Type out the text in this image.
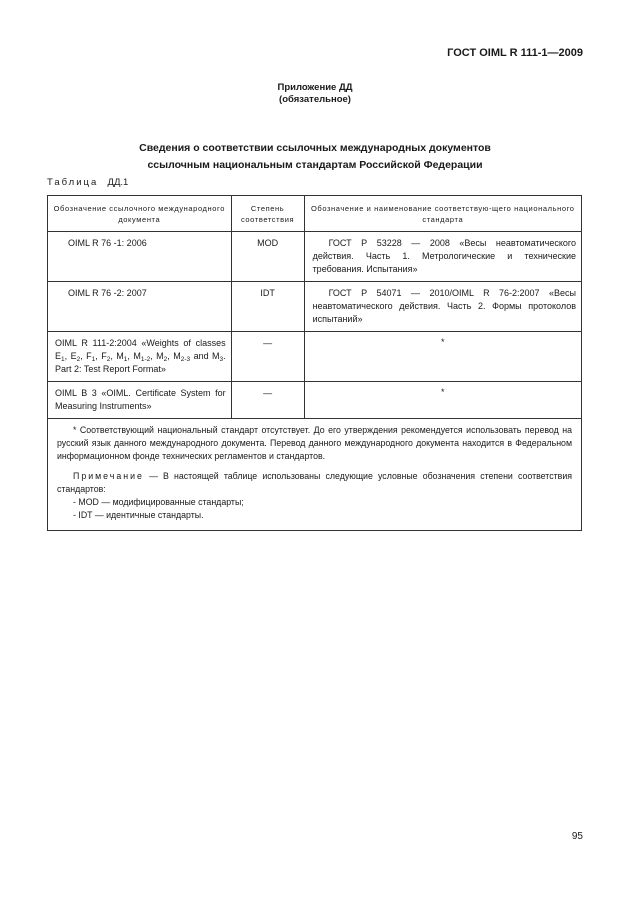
ГОСТ OIML R 111-1—2009
Приложение ДД
(обязательное)
Сведения о соответствии ссылочных международных документов
ссылочным национальным стандартам Российской Федерации
Таблица ДД.1
Обозначение ссылочного международного документа	Степень соответствия	Обозначение и наименование соответствую-щего национального стандарта
OIML R 76 -1: 2006	MOD	ГОСТ Р 53228 — 2008 «Весы неавтоматического действия. Часть 1. Метрологические и технические требования. Испытания»

OIML R 76 -2: 2007	IDT	ГОСТ Р 54071 — 2010/OIML R 76-2:2007 «Весы неавтоматического действия. Часть 2. Формы протоколов испытаний»

OIML R 111-2:2004 «Weights of classes $E_1$, $E_2$, $F_1$, $F_2$, $M_1$, $M_{1-2}$, $M_2$, $M_{2-3}$ and $M_3$. Part 2: Test Report Format»	—	*
OIML B 3 «OIML. Certificate System for Measuring Instruments»	—	*

* Соответствующий национальный стандарт отсутствует. До его утверждения рекомендуется использовать перевод на русский язык данного международного документа. Перевод данного международного документа находится в Федеральном информационном фонде технических регламентов и стандартов.

Примечание — В настоящей таблице использованы следующие условные обозначения степени соответствия стандартов:

- MOD — модифицированные стандарты;

- IDT — идентичные стандарты.		

95
